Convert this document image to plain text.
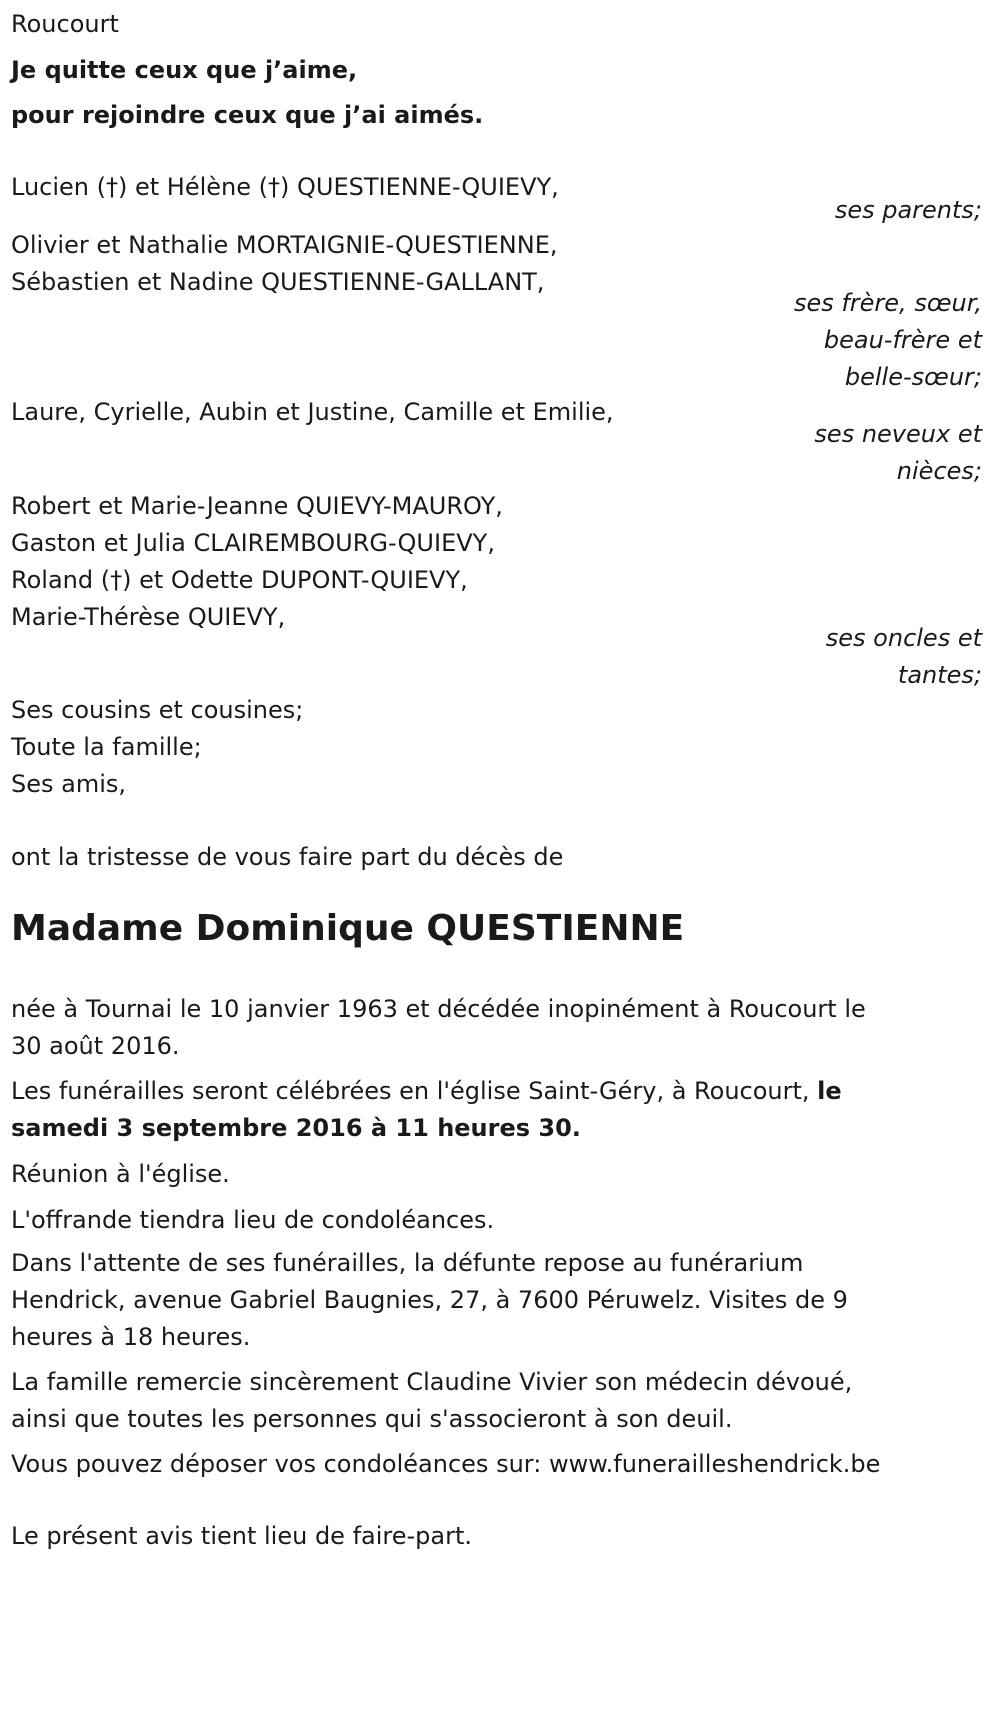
Roucourt
Je quitte ceux que j’aime,
pour rejoindre ceux que j’ai aimés.
Lucien (†) et Hélène (†) QUESTIENNE-QUIEVY,
ses parents;
Olivier et Nathalie MORTAIGNIE-QUESTIENNE,
Sébastien et Nadine QUESTIENNE-GALLANT,
ses frère, sœur,
beau-frère et
belle-sœur;
Laure, Cyrielle, Aubin et Justine, Camille et Emilie,
ses neveux et
nièces;
Robert et Marie-Jeanne QUIEVY-MAUROY,
Gaston et Julia CLAIREMBOURG-QUIEVY,
Roland (†) et Odette DUPONT-QUIEVY,
Marie-Thérèse QUIEVY,
ses oncles et
tantes;
Ses cousins et cousines;
Toute la famille;
Ses amis,
ont la tristesse de vous faire part du décès de
Madame Dominique QUESTIENNE
née à Tournai le 10 janvier 1963 et décédée inopinément à Roucourt le
30 août 2016.
Les funérailles seront célébrées en l'église Saint-Géry, à Roucourt, le
samedi 3 septembre 2016 à 11 heures 30.
Réunion à l'église.
L'offrande tiendra lieu de condoléances.
Dans l'attente de ses funérailles, la défunte repose au funérarium
Hendrick, avenue Gabriel Baugnies, 27, à 7600 Péruwelz. Visites de 9
heures à 18 heures.
La famille remercie sincèrement Claudine Vivier son médecin dévoué,
ainsi que toutes les personnes qui s'associeront à son deuil.
Vous pouvez déposer vos condoléances sur: www.funerailleshendrick.be
Le présent avis tient lieu de faire-part.
